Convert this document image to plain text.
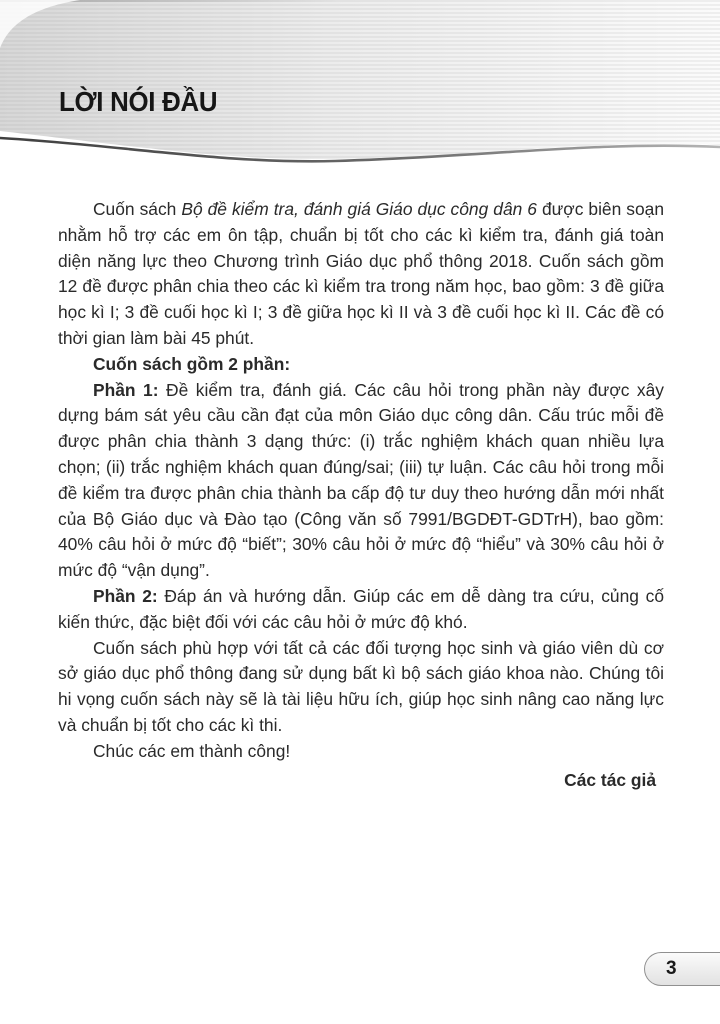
LỜI NÓI ĐẦU

Cuốn sách Bộ đề kiểm tra, đánh giá Giáo dục công dân 6 được biên soạn nhằm hỗ trợ các em ôn tập, chuẩn bị tốt cho các kì kiểm tra, đánh giá toàn diện năng lực theo Chương trình Giáo dục phổ thông 2018. Cuốn sách gồm 12 đề được phân chia theo các kì kiểm tra trong năm học, bao gồm: 3 đề giữa học kì I; 3 đề cuối học kì I; 3 đề giữa học kì II và 3 đề cuối học kì II. Các đề có thời gian làm bài 45 phút.

Cuốn sách gồm 2 phần:

Phần 1: Đề kiểm tra, đánh giá. Các câu hỏi trong phần này được xây dựng bám sát yêu cầu cần đạt của môn Giáo dục công dân. Cấu trúc mỗi đề được phân chia thành 3 dạng thức: (i) trắc nghiệm khách quan nhiều lựa chọn; (ii) trắc nghiệm khách quan đúng/sai; (iii) tự luận. Các câu hỏi trong mỗi đề kiểm tra được phân chia thành ba cấp độ tư duy theo hướng dẫn mới nhất của Bộ Giáo dục và Đào tạo (Công văn số 7991/BGDĐT-GDTrH), bao gồm: 40% câu hỏi ở mức độ “biết”; 30% câu hỏi ở mức độ “hiểu” và 30% câu hỏi ở mức độ “vận dụng”.

Phần 2: Đáp án và hướng dẫn. Giúp các em dễ dàng tra cứu, củng cố kiến thức, đặc biệt đối với các câu hỏi ở mức độ khó.

Cuốn sách phù hợp với tất cả các đối tượng học sinh và giáo viên dù cơ sở giáo dục phổ thông đang sử dụng bất kì bộ sách giáo khoa nào. Chúng tôi hi vọng cuốn sách này sẽ là tài liệu hữu ích, giúp học sinh nâng cao năng lực và chuẩn bị tốt cho các kì thi.

Chúc các em thành công!

Các tác giả

3
